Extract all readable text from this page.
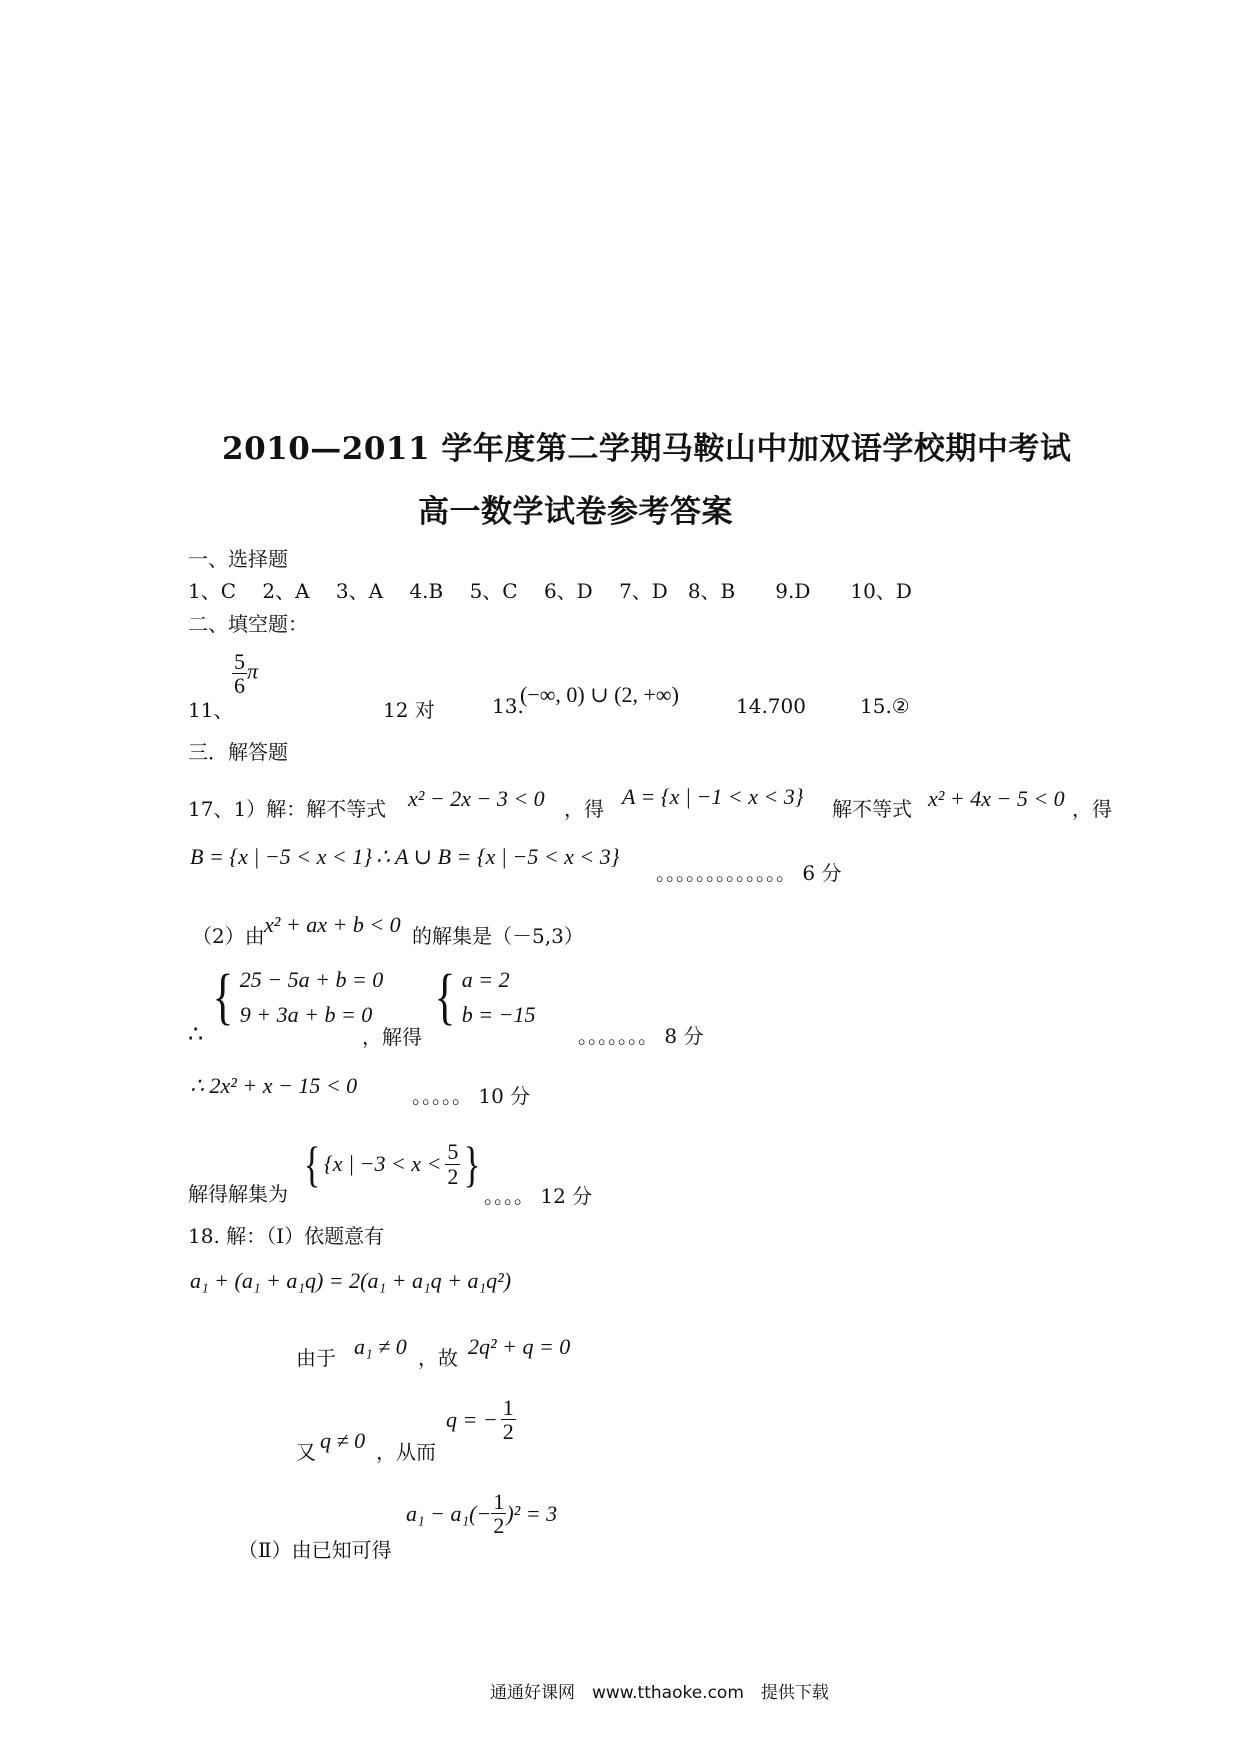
2010—2011 学年度第二学期马鞍山中加双语学校期中考试
高一数学试卷参考答案
一、选择题
1、C　 2、A　 3、A　 4.B　 5、C　 6、D　 7、D　8、B　　9.D　　10、D
二、填空题：
11、
$\frac{5}{6}$ π
12 对	13.
(−∞, 0) ∪ (2, +∞)	14.700	15.②
三．解答题
17、1）解：解不等式 x² − 2x − 3 < 0 ，得 A = {x | −1 < x < 3} 解不等式 x² + 4x − 5 < 0 ，得
B = {x | −5 < x < 1} ∴ A ∪ B = {x | −5 < x < 3}
。。。。。。。。。。。。。 6 分
（2）由 x² + ax + b < 0 的解集是（－5,3）
∴
{ 25 − 5a + b = 0
9 + 3a + b = 0
，解得
{ a = 2
b = −15
。。。。。。。 8 分
∴ 2x² + x − 15 < 0	。。。。。 10 分
解得解集为
{ {x | $-3 < x < \frac{5}{2}$ }
。。。。 12 分
18. 解：（Ⅰ）依题意有
a₁ + (a₁ + a₁q) = 2(a₁ + a₁q + a₁q²)
由于 a₁ ≠ 0 ，故 2q² + q = 0
又 q ≠ 0 ，从而
q = − $\frac{1}{2}$
（Ⅱ）由已知可得
$a_1 - a_1(- \frac{1}{2} )^2 = 3$
通通好课网　www.tthaoke.com　提供下载
